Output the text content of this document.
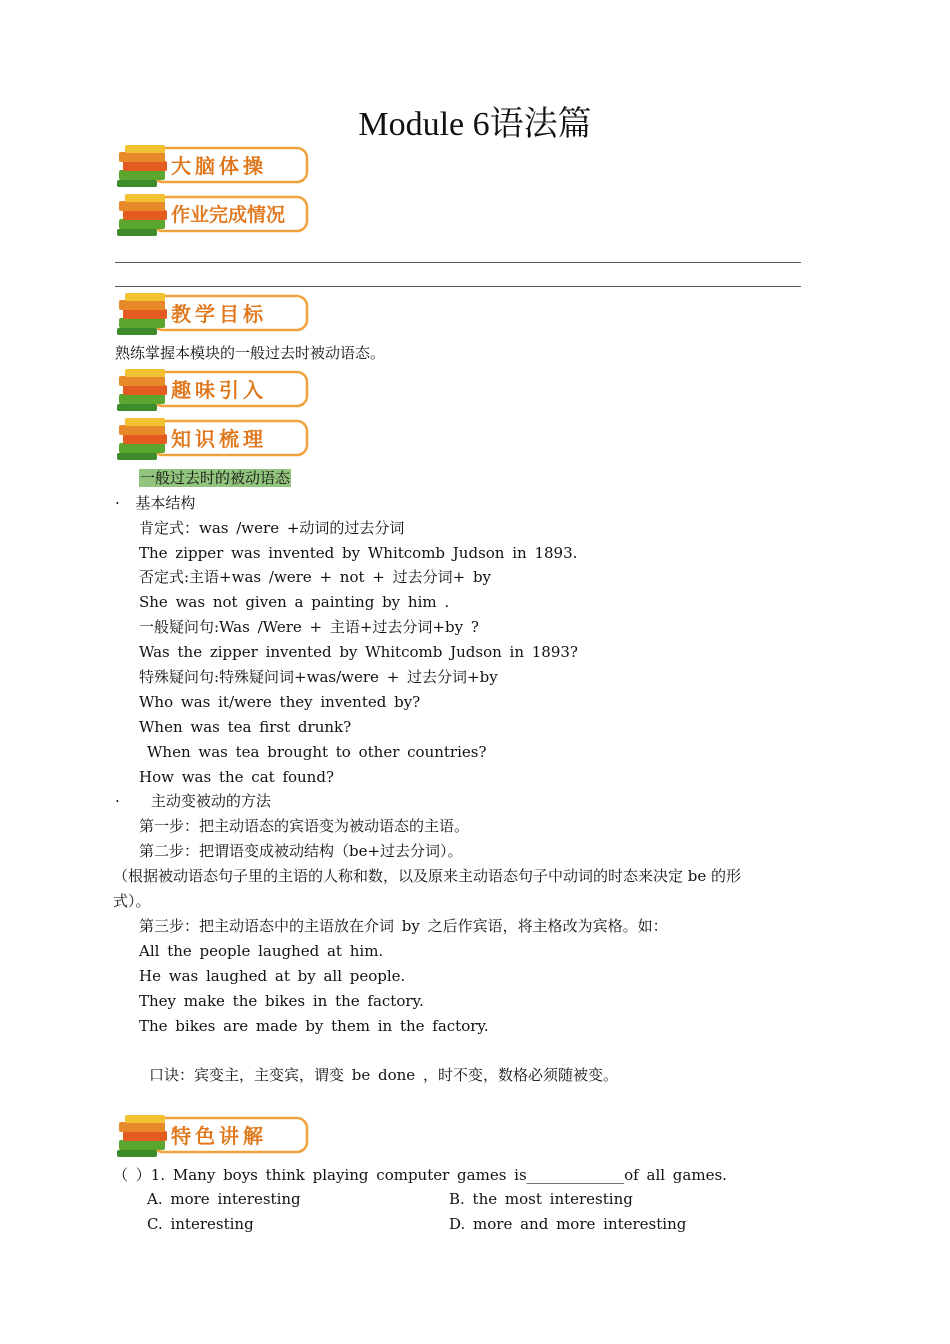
Module 6语法篇
大脑体操
作业完成情况
教学目标
熟练掌握本模块的一般过去时被动语态。
趣味引入
知识梳理
一般过去时的被动语态
· 基本结构
肯定式：was /were +动词的过去分词
The zipper was invented by Whitcomb Judson in 1893.
否定式:主语+was /were + not + 过去分词+ by
She was not given a painting by him .
一般疑问句:Was /Were + 主语+过去分词+by ?
Was the zipper invented by Whitcomb Judson in 1893?
特殊疑问句:特殊疑问词+was/were + 过去分词+by
Who was it/were they invented by?
When was tea first drunk?
When was tea brought to other countries?
How was the cat found?
· 主动变被动的方法
第一步：把主动语态的宾语变为被动语态的主语。
第二步：把谓语变成被动结构（be+过去分词）。
（根据被动语态句子里的主语的人称和数，以及原来主动语态句子中动词的时态来决定 be 的形
式）。
第三步：把主动语态中的主语放在介词 by 之后作宾语，将主格改为宾格。如：
All the people laughed at him.
He was laughed at by all people.
They make the bikes in the factory.
The bikes are made by them in the factory.
口诀：宾变主，主变宾，谓变 be done ，时不变，数格必须随被变。
特色讲解
（ ）1. Many boys think playing computer games is_____________of all games.
A. more interesting	B. the most interesting
C. interesting	D. more and more interesting
